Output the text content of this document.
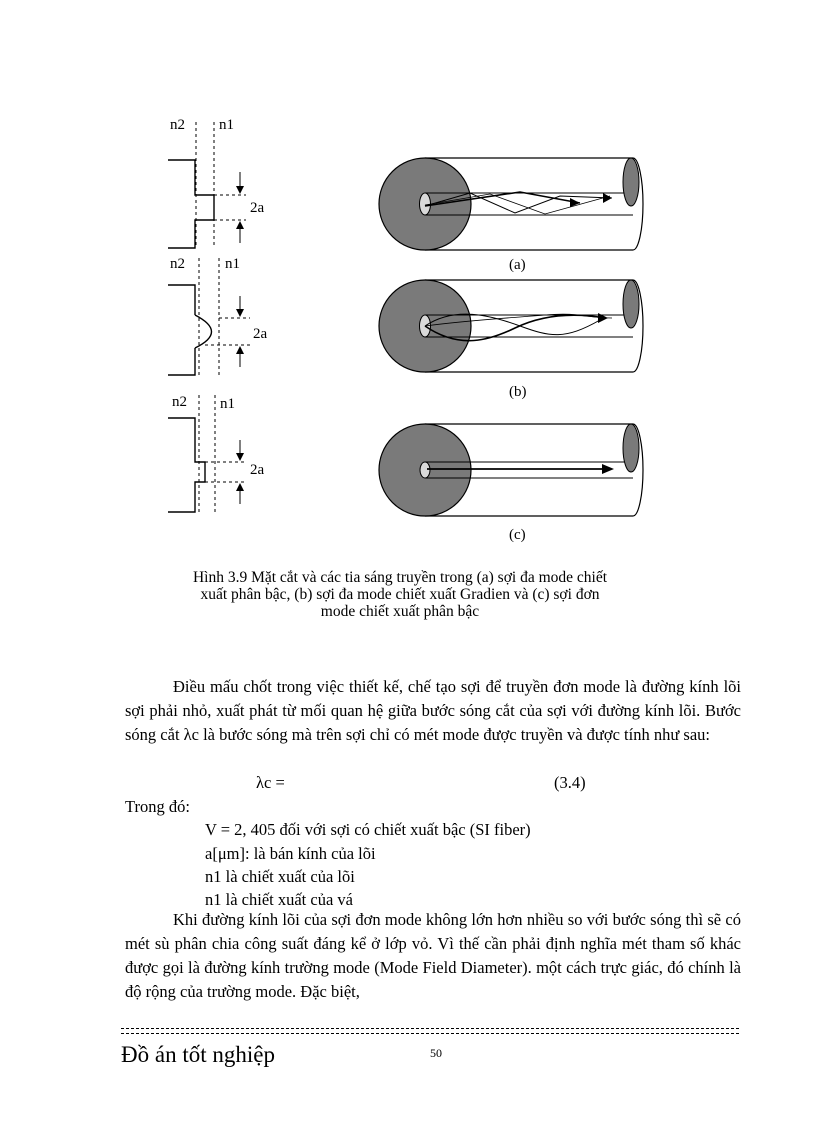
n2 n1
2a
n2	n1
2a
n2 n1
2a
(a)
(b)
(c)
Hình 3.9 Mặt cắt và các tia sáng truyền trong (a) sợi đa mode chiết
xuất phân bậc, (b) sợi đa mode chiết xuất Gradien và (c) sợi đơn
mode chiết xuất phân bậc
Điều mấu chốt trong việc thiết kế, chế tạo sợi để truyền đơn mode là đường kính lõi sợi phải nhỏ, xuất phát từ mối quan hệ giữa bước sóng cắt của sợi với đường kính lõi. Bước sóng cắt λc là bước sóng mà trên sợi chỉ có mét mode được truyền và được tính như sau:
λc =	(3.4)
Trong đó:
V = 2, 405 đối với sợi có chiết xuất bậc (SI fiber)
a[μm]: là bán kính của lõi
n1 là chiết xuất của lõi
n1 là chiết xuất của vá
Khi đường kính lõi của sợi đơn mode không lớn hơn nhiều so với bước sóng thì sẽ có mét sù phân chia công suất đáng kể ở lớp vỏ. Vì thế cần phải định nghĩa mét tham số khác được gọi là đường kính trường mode (Mode Field Diameter). một cách trực giác, đó chính là độ rộng của trường mode. Đặc biệt,
Đồ án tốt nghiệp	50
